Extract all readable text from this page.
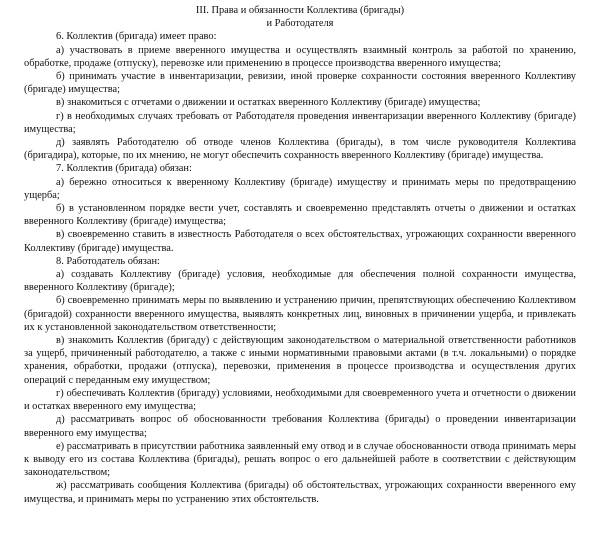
III. Права и обязанности Коллектива (бригады)
и Работодателя
6. Коллектив (бригада) имеет право:
а) участвовать в приеме вверенного имущества и осуществлять взаимный контроль за работой по хранению, обработке, продаже (отпуску), перевозке или применению в процессе производства вверенного имущества;
б) принимать участие в инвентаризации, ревизии, иной проверке сохранности состояния вверенного Коллективу (бригаде) имущества;
в) знакомиться с отчетами о движении и остатках вверенного Коллективу (бригаде) имущества;
г) в необходимых случаях требовать от Работодателя проведения инвентаризации вверенного Коллективу (бригаде) имущества;
д) заявлять Работодателю об отводе членов Коллектива (бригады), в том числе руководителя Коллектива (бригадира), которые, по их мнению, не могут обеспечить сохранность вверенного Коллективу (бригаде) имущества.
7. Коллектив (бригада) обязан:
а) бережно относиться к вверенному Коллективу (бригаде) имуществу и принимать меры по предотвращению ущерба;
б) в установленном порядке вести учет, составлять и своевременно представлять отчеты о движении и остатках вверенного Коллективу (бригаде) имущества;
в) своевременно ставить в известность Работодателя о всех обстоятельствах, угрожающих сохранности вверенного Коллективу (бригаде) имущества.
8. Работодатель обязан:
а) создавать Коллективу (бригаде) условия, необходимые для обеспечения полной сохранности имущества, вверенного Коллективу (бригаде);
б) своевременно принимать меры по выявлению и устранению причин, препятствующих обеспечению Коллективом (бригадой) сохранности вверенного имущества, выявлять конкретных лиц, виновных в причинении ущерба, и привлекать их к установленной законодательством ответственности;
в) знакомить Коллектив (бригаду) с действующим законодательством о материальной ответственности работников за ущерб, причиненный работодателю, а также с иными нормативными правовыми актами (в т.ч. локальными) о порядке хранения, обработки, продажи (отпуска), перевозки, применения в процессе производства и осуществления других операций с переданным ему имуществом;
г) обеспечивать Коллектив (бригаду) условиями, необходимыми для своевременного учета и отчетности о движении и остатках вверенного ему имущества;
д) рассматривать вопрос об обоснованности требования Коллектива (бригады) о проведении инвентаризации вверенного ему имущества;
е) рассматривать в присутствии работника заявленный ему отвод и в случае обоснованности отвода принимать меры к выводу его из состава Коллектива (бригады), решать вопрос о его дальнейшей работе в соответствии с действующим законодательством;
ж) рассматривать сообщения Коллектива (бригады) об обстоятельствах, угрожающих сохранности вверенного ему имущества, и принимать меры по устранению этих обстоятельств.
